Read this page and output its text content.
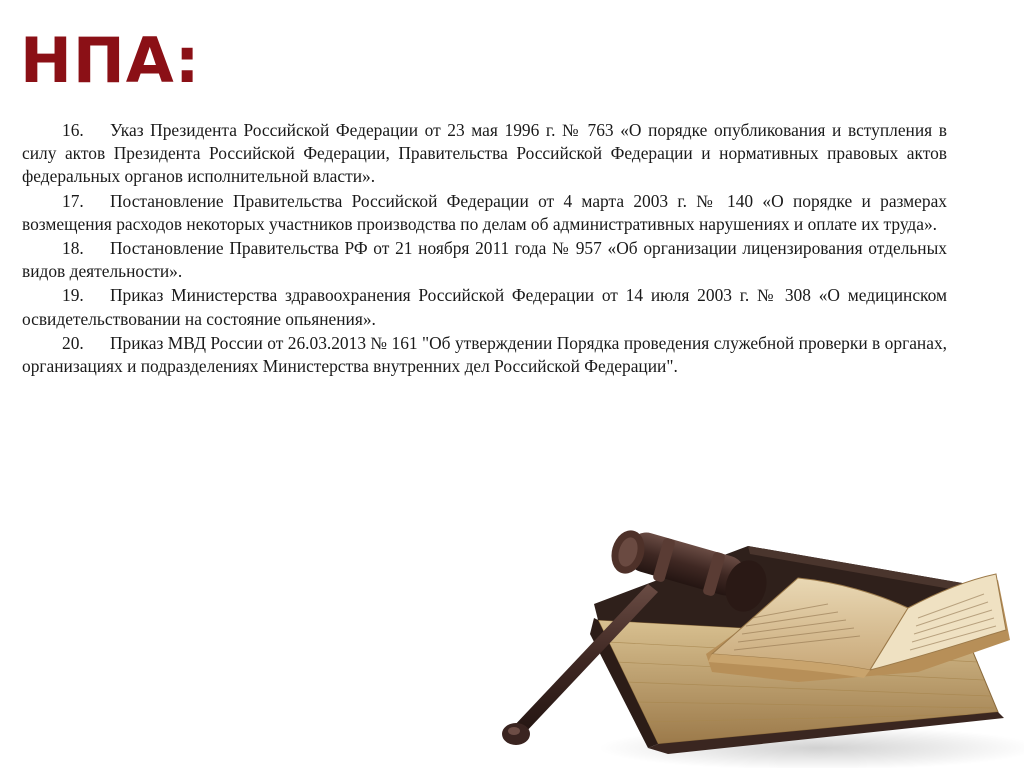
НПА:

16. Указ Президента Российской Федерации от 23 мая 1996 г. № 763 «О порядке опубликования и вступления в силу актов Президента Российской Федерации, Правительства Российской Федерации и нормативных правовых актов федеральных органов исполнительной власти».

17. Постановление Правительства Российской Федерации от 4 марта 2003 г. № 140 «О порядке и размерах возмещения расходов некоторых участников производства по делам об административных нарушениях и оплате их труда».

18. Постановление Правительства РФ от 21 ноября 2011 года № 957 «Об организации лицензирования отдельных видов деятельности».

19. Приказ Министерства здравоохранения Российской Федерации от 14 июля 2003 г. № 308 «О медицинском освидетельствовании на состояние опьянения».

20. Приказ МВД России от 26.03.2013 № 161 "Об утверждении Порядка проведения служебной проверки в органах, организациях и подразделениях Министерства внутренних дел Российской Федерации".
